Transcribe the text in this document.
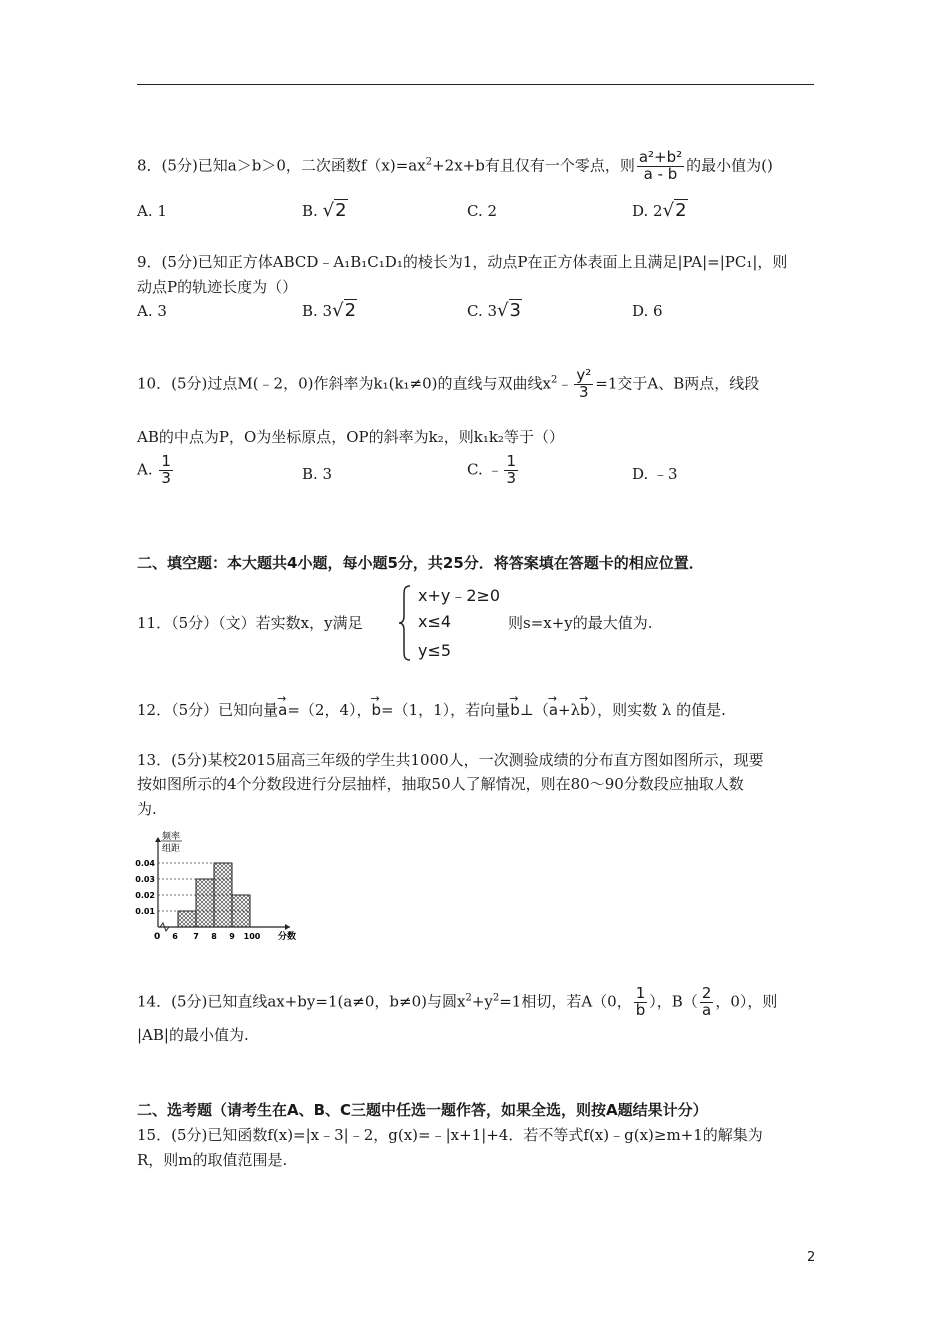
8．(5分)已知a＞b＞0，二次函数$f(x)=ax^2+2x+b$有且仅有一个零点，则 $\frac{\text{a²+b²}}{a - b}$ 的最小值为()
A. 1	B. √2	C. 2	D. 2√2
9．(5分)已知正方体ABCD﹣A₁B₁C₁D₁的棱长为1，动点P在正方体表面上且满足|PA|=|PC₁|，则
动点P的轨迹长度为（）
A. 3	B. 3√2	C. 3√3	D. 6
10．(5分)过点M(﹣2，0)作斜率为k₁(k₁≠0)的直线与双曲线$x^2﹣ \frac{\text{y²}}{3} =1$交于A、B两点，线段
AB的中点为P，O为坐标原点，OP的斜率为k₂，则k₁k₂等于（）
A. $\frac{1}{3}$	B. 3	C. ﹣ $\frac{1}{3}$	D. ﹣3
二、填空题：本大题共4小题，每小题5分，共25分．将答案填在答题卡的相应位置．
11．（5分）（文）若实数x，y满足
x+y﹣2≥0
x≤4
y≤5
则s=x+y的最大值为.
12．（5分）已知向量→ a=（2，4），→ b=（1，1），若向量→ b⊥（→ a+λ→ b），则实数 λ 的值是.
13．(5分)某校2015届高三年级的学生共1000人，一次测验成绩的分布直方图如图所示，现要
按如图所示的4个分数段进行分层抽样，抽取50人了解情况，则在80～90分数段应抽取人数
为.
频率
组距
0.01
0.02
0.03
0.04
0 6 7 8 9 100 分数
14．(5分)已知直线ax+by=1(a≠0，b≠0)与圆$x^2+y^2=1$相切，若A（0， $\frac{1}{b}$ ），$B( \frac{2}{a}$ ，0），则
|AB|的最小值为.
二、选考题（请考生在A、B、C三题中任选一题作答，如果全选，则按A题结果计分）
15．(5分)已知函数f(x)=|x﹣3|﹣2，g(x)=﹣|x+1|+4．若不等式f(x)﹣g(x)≥m+1的解集为
R，则m的取值范围是.
2
